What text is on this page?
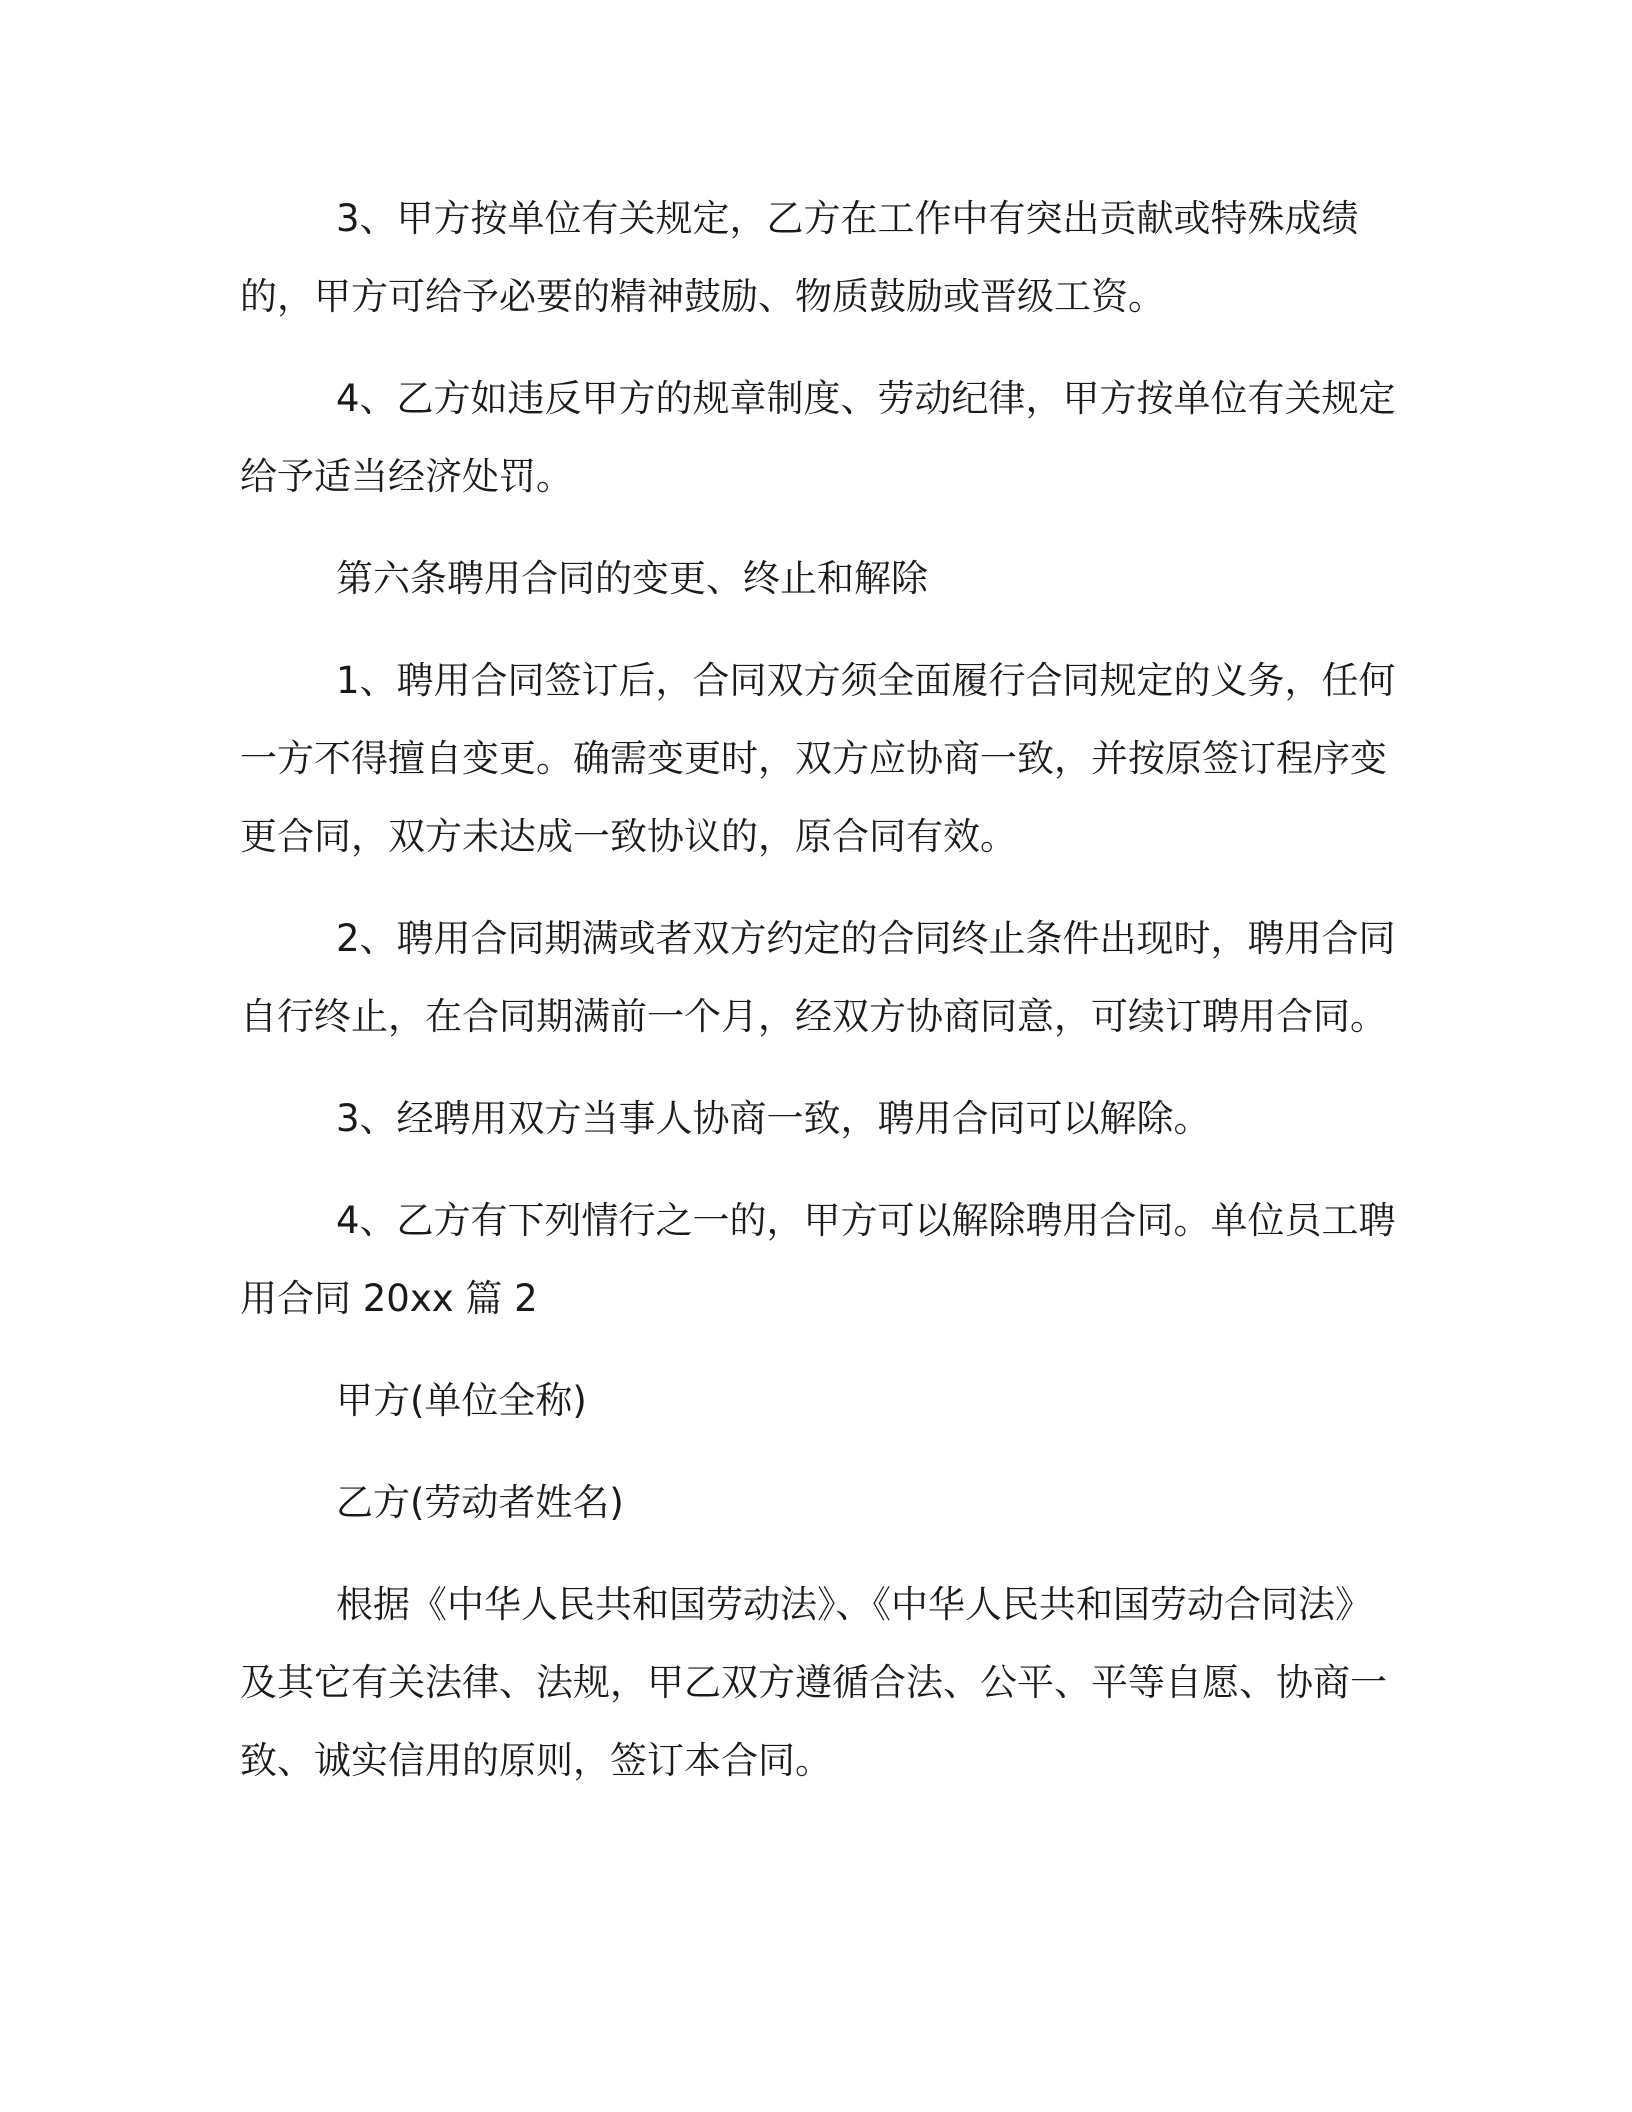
3、甲方按单位有关规定，乙方在工作中有突出贡献或特殊成绩的，甲方可给予必要的精神鼓励、物质鼓励或晋级工资。

4、乙方如违反甲方的规章制度、劳动纪律，甲方按单位有关规定给予适当经济处罚。

第六条聘用合同的变更、终止和解除

1、聘用合同签订后，合同双方须全面履行合同规定的义务，任何一方不得擅自变更。确需变更时，双方应协商一致，并按原签订程序变更合同，双方未达成一致协议的，原合同有效。

2、聘用合同期满或者双方约定的合同终止条件出现时，聘用合同自行终止，在合同期满前一个月，经双方协商同意，可续订聘用合同。

3、经聘用双方当事人协商一致，聘用合同可以解除。

4、乙方有下列情行之一的，甲方可以解除聘用合同。单位员工聘用合同 20xx 篇 2

甲方(单位全称)

乙方(劳动者姓名)

根据《中华人民共和国劳动法》、《中华人民共和国劳动合同法》及其它有关法律、法规，甲乙双方遵循合法、公平、平等自愿、协商一致、诚实信用的原则，签订本合同。
